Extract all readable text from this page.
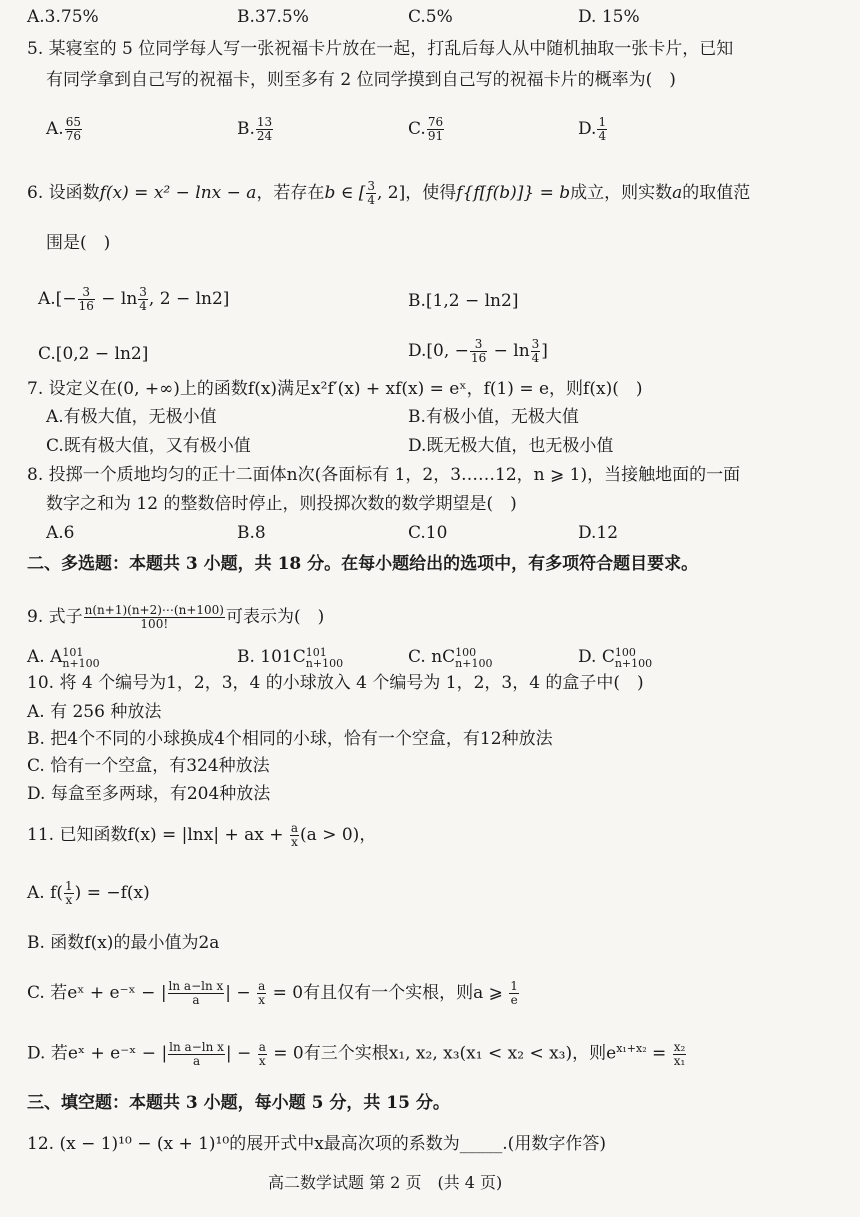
A.3.75%	B.37.5%	C.5%	D. 15%
5. 某寝室的 5 位同学每人写一张祝福卡片放在一起，打乱后每人从中随机抽取一张卡片，已知
有同学拿到自己写的祝福卡，则至多有 2 位同学摸到自己写的祝福卡片的概率为(　)
A. $\frac{65}{76}$	B. $\frac{13}{24}$	C. $\frac{76}{91}$	D. $\frac{1}{4}$
6. 设函数f(x) = x² − lnx − a，若存在b ∈ [ $\frac{3}{4}$ , 2]，使得f{f[f(b)]} = b成立，则实数a的取值范
围是(　)
$A.[- \frac{3}{16} - \ln \frac{3}{4}$ , 2 − ln2]	B.[1,2 − ln2]
C.[0,2 − ln2]	D.[0, − $\frac{3}{16} - \ln \frac{3}{4}$ ]
7. 设定义在(0, +∞)上的函数f(x)满足x²f′(x) + xf(x) = eˣ，f(1) = e，则f(x)(　)
A.有极大值，无极小值	B.有极小值，无极大值
C.既有极大值，又有极小值	D.既无极大值，也无极小值
8. 投掷一个质地均匀的正十二面体n次(各面标有 1，2，3……12，n ⩾ 1)，当接触地面的一面
数字之和为 12 的整数倍时停止，则投掷次数的数学期望是(　)
A.6	B.8	C.10	D.12
二、多选题：本题共 3 小题，共 18 分。在每小题给出的选项中，有多项符合题目要求。
9. 式子 $\frac{n(n+1)(n+2)\cdots(n+100)}{100!}$ 可表示为(　)
A. A 101
n+100	B. 101C 101
n+100	C. nC 100
n+100	D. C 100
n+100
10. 将 4 个编号为1，2，3，4 的小球放入 4 个编号为 1，2，3，4 的盒子中(　)
A. 有 256 种放法
B. 把4个不同的小球换成4个相同的小球，恰有一个空盒，有12种放法
C. 恰有一个空盒，有324种放法
D. 每盒至多两球，有204种放法
11. 已知函数f(x) = |lnx| + ax + $\frac{a}{x} (a > 0)$，
A. $f( \frac{1}{x}$ ) = −f(x)
B. 函数f(x)的最小值为2a
C. 若eˣ + e⁻ˣ − | $\frac{\text{ln a−ln x}}{a}$ | − $\frac{a}{x} = 0$有且仅有一个实根，则a ⩾ $\frac{1}{e}$
D. 若eˣ + e⁻ˣ − | $\frac{\text{ln a−ln x}}{a}$ | − $\frac{a}{x} = 0$有三个实根x₁, x₂, x₃(x₁ < x₂ < x₃)，则$e^{x_1+x_2} = \frac{\text{x₂}}{\text{x₁}}$
三、填空题：本题共 3 小题，每小题 5 分，共 15 分。
12. (x − 1)¹⁰ − (x + 1)¹⁰的展开式中x最高次项的系数为_____.(用数字作答)
高二数学试题 第 2 页　(共 4 页)
